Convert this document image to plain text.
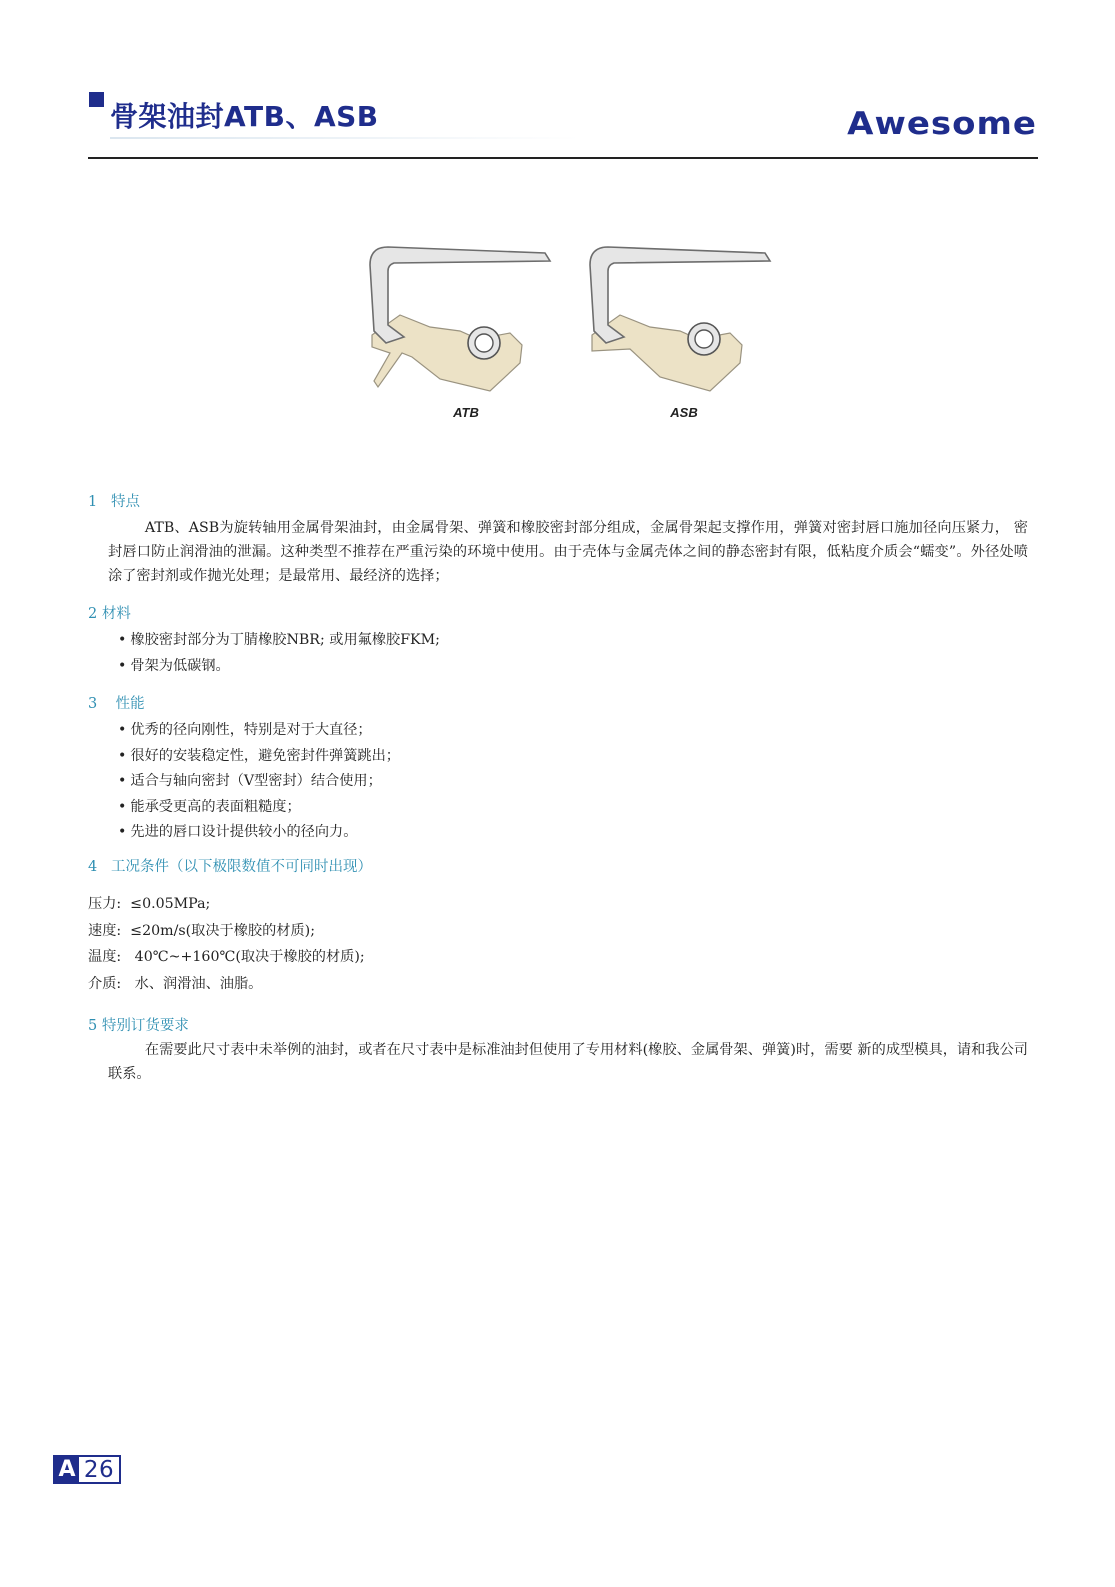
骨架油封ATB、ASB	Awesome
ATB	ASB
1   特点

ATB、ASB为旋转轴用金属骨架油封，由金属骨架、弹簧和橡胶密封部分组成，金属骨架起支撑作用，弹簧对密封唇口施加径向压紧力， 密封唇口防止润滑油的泄漏。这种类型不推荐在严重污染的环境中使用。由于壳体与金属壳体之间的静态密封有限，低粘度介质会“蠕变”。外径处喷涂了密封剂或作抛光处理；是最常用、最经济的选择；

2 材料
• 橡胶密封部分为丁腈橡胶NBR; 或用氟橡胶FKM;
• 骨架为低碳钢。
3    性能
• 优秀的径向刚性，特别是对于大直径；
• 很好的安装稳定性，避免密封件弹簧跳出；
• 适合与轴向密封（V型密封）结合使用；
• 能承受更高的表面粗糙度；
• 先进的唇口设计提供较小的径向力。
4   工况条件（以下极限数值不可同时出现）
压力:  ≤0.05MPa;
速度:  ≤20m/s(取决于橡胶的材质);
温度:   40℃~+160℃(取决于橡胶的材质);
介质:   水、润滑油、油脂。
5 特别订货要求

在需要此尺寸表中未举例的油封，或者在尺寸表中是标准油封但使用了专用材料(橡胶、金属骨架、弹簧)时，需要 新的成型模具，请和我公司联系。

A 26
